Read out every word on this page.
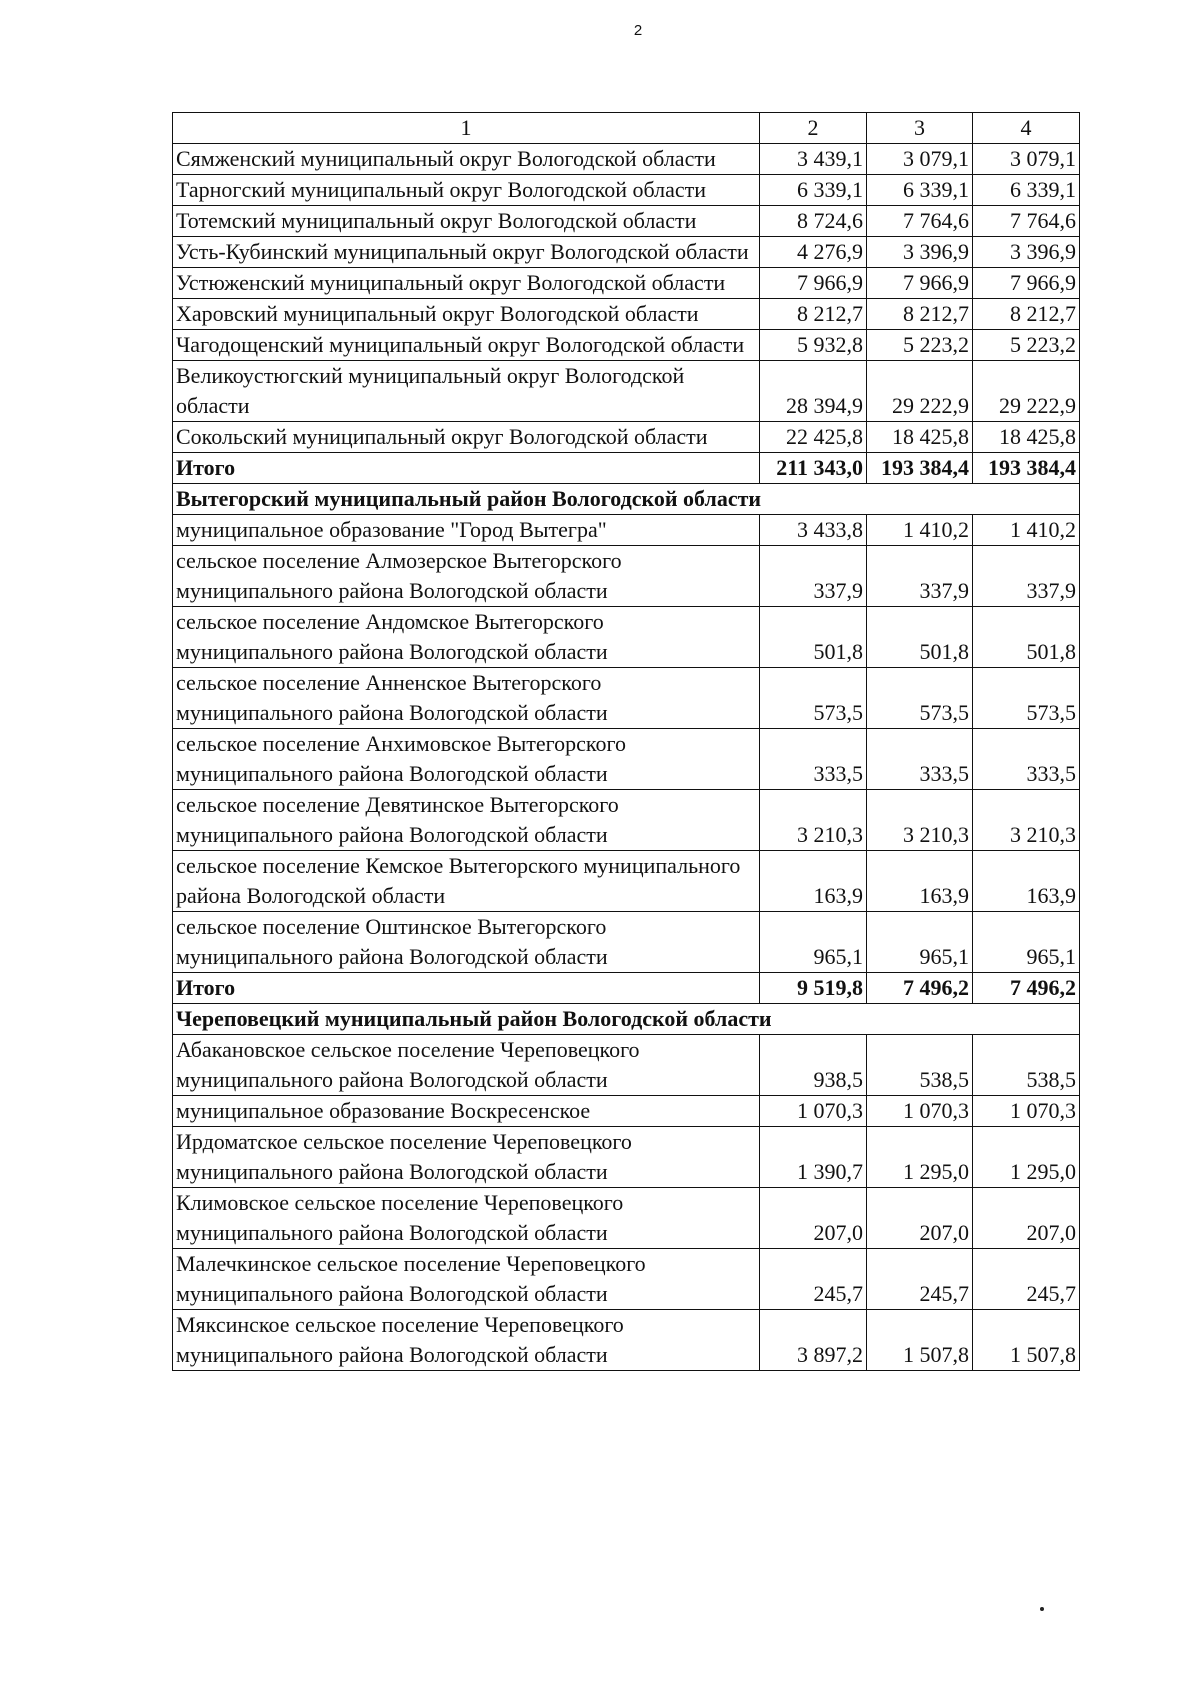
2
1	2	3	4
Сямженский муниципальный округ Вологодской области	3 439,1	3 079,1	3 079,1
Тарногский муниципальный округ Вологодской области	6 339,1	6 339,1	6 339,1
Тотемский муниципальный округ Вологодской области	8 724,6	7 764,6	7 764,6
Усть-Кубинский муниципальный округ Вологодской области	4 276,9	3 396,9	3 396,9
Устюженский муниципальный округ Вологодской области	7 966,9	7 966,9	7 966,9
Харовский муниципальный округ Вологодской области	8 212,7	8 212,7	8 212,7
Чагодощенский муниципальный округ Вологодской области	5 932,8	5 223,2	5 223,2
Великоустюгский муниципальный округ Вологодской области	28 394,9	29 222,9	29 222,9
Сокольский муниципальный округ Вологодской области	22 425,8	18 425,8	18 425,8
Итого	211 343,0	193 384,4	193 384,4
Вытегорский муниципальный район Вологодской области			
муниципальное образование "Город Вытегра"	3 433,8	1 410,2	1 410,2
сельское поселение Алмозерское Вытегорского муниципального района Вологодской области	337,9	337,9	337,9
сельское поселение Андомское Вытегорского муниципального района Вологодской области	501,8	501,8	501,8
сельское поселение Анненское Вытегорского муниципального района Вологодской области	573,5	573,5	573,5
сельское поселение Анхимовское Вытегорского муниципального района Вологодской области	333,5	333,5	333,5
сельское поселение Девятинское Вытегорского муниципального района Вологодской области	3 210,3	3 210,3	3 210,3
сельское поселение Кемское Вытегорского муниципального района Вологодской области	163,9	163,9	163,9
сельское поселение Оштинское Вытегорского муниципального района Вологодской области	965,1	965,1	965,1
Итого	9 519,8	7 496,2	7 496,2
Череповецкий муниципальный район Вологодской области			
Абакановское сельское поселение Череповецкого муниципального района Вологодской области	938,5	538,5	538,5
муниципальное образование Воскресенское	1 070,3	1 070,3	1 070,3
Ирдоматское сельское поселение Череповецкого муниципального района Вологодской области	1 390,7	1 295,0	1 295,0
Климовское сельское поселение Череповецкого муниципального района Вологодской области	207,0	207,0	207,0
Малечкинское сельское поселение Череповецкого муниципального района Вологодской области	245,7	245,7	245,7
Мяксинское сельское поселение Череповецкого муниципального района Вологодской области	3 897,2	1 507,8	1 507,8
